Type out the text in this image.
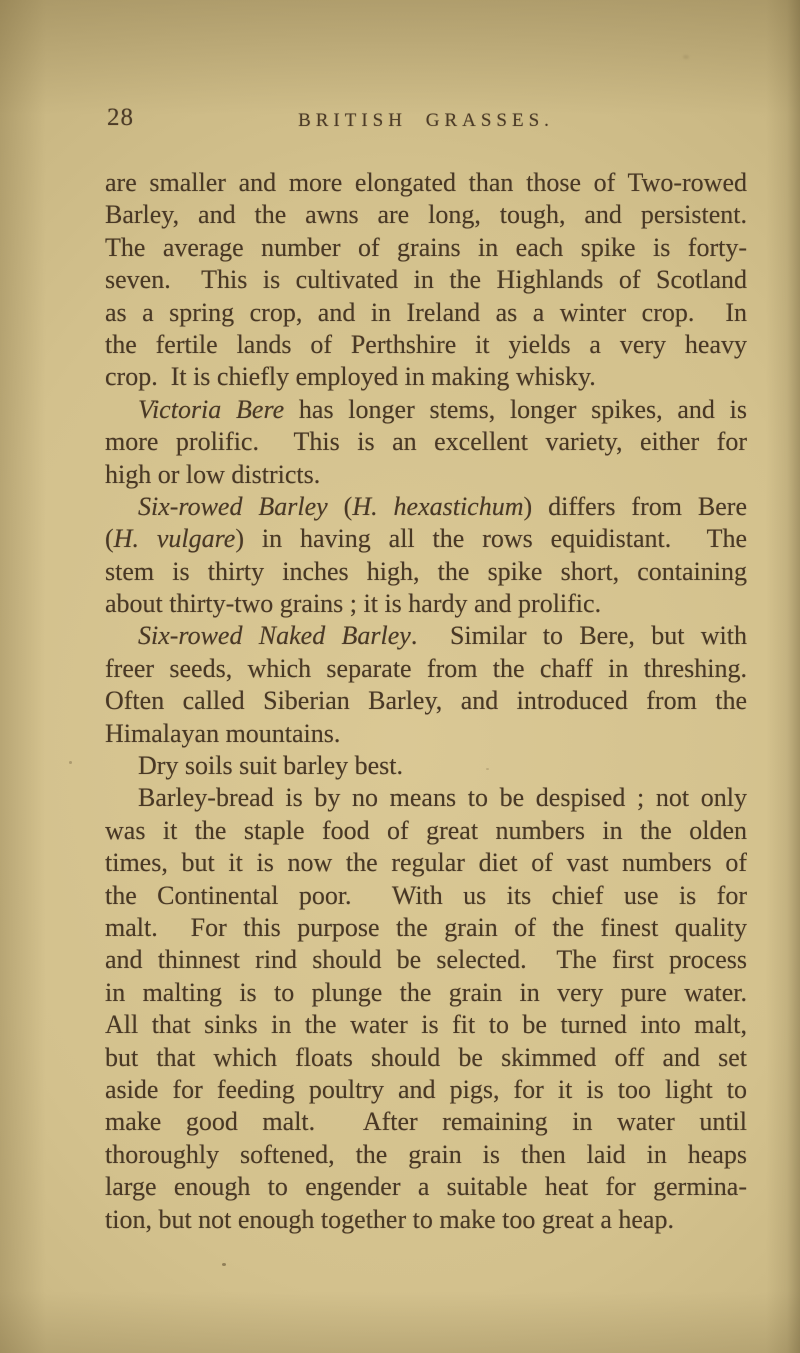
28	BRITISH GRASSES.
are smaller and more elongated than those of Two-rowed
Barley, and the awns are long, tough, and persistent.
The average number of grains in each spike is forty-
seven.  This is cultivated in the Highlands of Scotland
as a spring crop, and in Ireland as a winter crop.  In
the fertile lands of Perthshire it yields a very heavy
crop.  It is chiefly employed in making whisky.
Victoria Bere has longer stems, longer spikes, and is
more prolific.  This is an excellent variety, either for
high or low districts.
Six-rowed Barley (H. hexastichum) differs from Bere
(H. vulgare) in having all the rows equidistant.  The
stem is thirty inches high, the spike short, containing
about thirty-two grains ; it is hardy and prolific.
Six-rowed Naked Barley.  Similar to Bere, but with
freer seeds, which separate from the chaff in threshing.
Often called Siberian Barley, and introduced from the
Himalayan mountains.
Dry soils suit barley best.
Barley-bread is by no means to be despised ; not only
was it the staple food of great numbers in the olden
times, but it is now the regular diet of vast numbers of
the Continental poor.  With us its chief use is for
malt.  For this purpose the grain of the finest quality
and thinnest rind should be selected.  The first process
in malting is to plunge the grain in very pure water.
All that sinks in the water is fit to be turned into malt,
but that which floats should be skimmed off and set
aside for feeding poultry and pigs, for it is too light to
make good malt.  After remaining in water until
thoroughly softened, the grain is then laid in heaps
large enough to engender a suitable heat for germina-
tion, but not enough together to make too great a heap.
